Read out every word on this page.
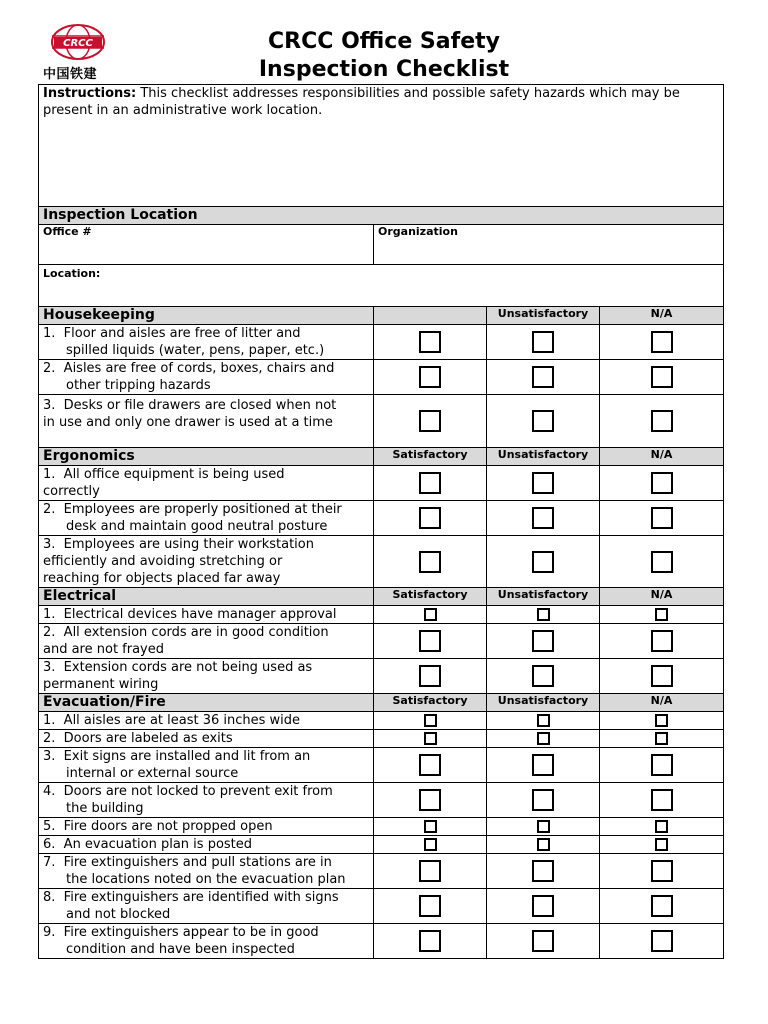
CRCC
中国铁建
CRCC Office Safety
Inspection Checklist
Instructions: This checklist addresses responsibilities and possible safety hazards which may be present in an administrative work location.			
Inspection Location			
Office #	Organization		
Location:			
Housekeeping		Unsatisfactory	N/A

1. Floor and aisles are free of litter and
spilled liquids (water, pens, paper, etc.)			

2. Aisles are free of cords, boxes, chairs and
other tripping hazards			

3. Desks or file drawers are closed when not
in use and only one drawer is used at a time			

Ergonomics	Satisfactory	Unsatisfactory	N/A

1. All office equipment is being used
correctly			

2. Employees are properly positioned at their
desk and maintain good neutral posture			

3. Employees are using their workstation
efficiently and avoiding stretching or
reaching for objects placed far away			

Electrical	Satisfactory	Unsatisfactory	N/A

1. Electrical devices have manager approval			

2. All extension cords are in good condition
and are not frayed			

3. Extension cords are not being used as
permanent wiring			

Evacuation/Fire	Satisfactory	Unsatisfactory	N/A

1. All aisles are at least 36 inches wide			

2. Doors are labeled as exits			

3. Exit signs are installed and lit from an
internal or external source			

4. Doors are not locked to prevent exit from
the building			

5. Fire doors are not propped open			

6. An evacuation plan is posted			

7. Fire extinguishers and pull stations are in
the locations noted on the evacuation plan			

8. Fire extinguishers are identified with signs
and not blocked			

9. Fire extinguishers appear to be in good
condition and have been inspected			
